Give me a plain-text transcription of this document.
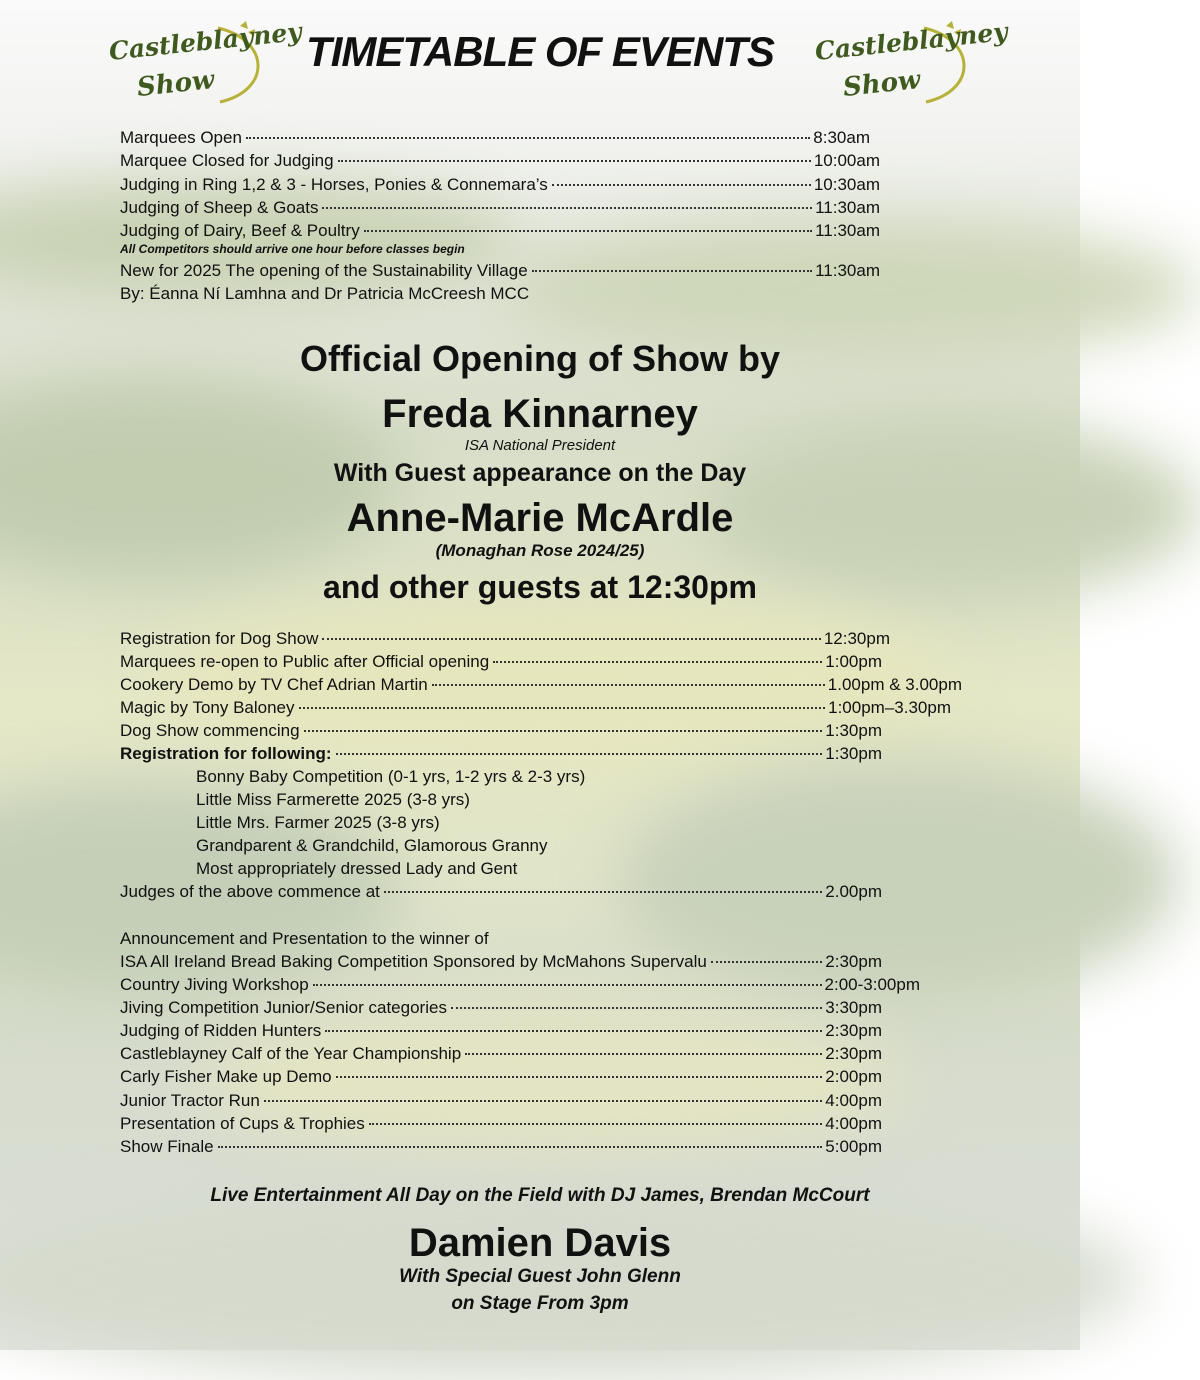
Castleblayney
Show
Castleblayney
Show
TIMETABLE OF EVENTS
Marquees Open	8:30am
Marquee Closed for Judging	10:00am
Judging in Ring 1,2 & 3 - Horses, Ponies & Connemara’s	10:30am
Judging of Sheep & Goats	11:30am
Judging of Dairy, Beef & Poultry	11:30am
All Competitors should arrive one hour before classes begin
New for 2025 The opening of the Sustainability Village	11:30am
By: Éanna Ní Lamhna and Dr Patricia McCreesh MCC
Official Opening of Show by
Freda Kinnarney
ISA National President
With Guest appearance on the Day
Anne-Marie McArdle
(Monaghan Rose 2024/25)
and other guests at 12:30pm
Registration for Dog Show	12:30pm
Marquees re-open to Public after Official opening	1:00pm
Cookery Demo by TV Chef Adrian Martin	1.00pm & 3.00pm
Magic by Tony Baloney	1:00pm–3.30pm
Dog Show commencing	1:30pm
Registration for following:	1:30pm
Bonny Baby Competition (0-1 yrs, 1-2 yrs & 2-3 yrs)
Little Miss Farmerette 2025 (3-8 yrs)
Little Mrs. Farmer 2025 (3-8 yrs)
Grandparent & Grandchild, Glamorous Granny
Most appropriately dressed Lady and Gent
Judges of the above commence at	2.00pm
Announcement and Presentation to the winner of
ISA All Ireland Bread Baking Competition Sponsored by McMahons Supervalu	2:30pm
Country Jiving Workshop	2:00-3:00pm
Jiving Competition Junior/Senior categories	3:30pm
Judging of Ridden Hunters	2:30pm
Castleblayney Calf of the Year Championship	2:30pm
Carly Fisher Make up Demo	2:00pm
Junior Tractor Run	4:00pm
Presentation of Cups & Trophies	4:00pm
Show Finale	5:00pm
Live Entertainment All Day on the Field with DJ James, Brendan McCourt
Damien Davis
With Special Guest John Glenn
on Stage From 3pm
